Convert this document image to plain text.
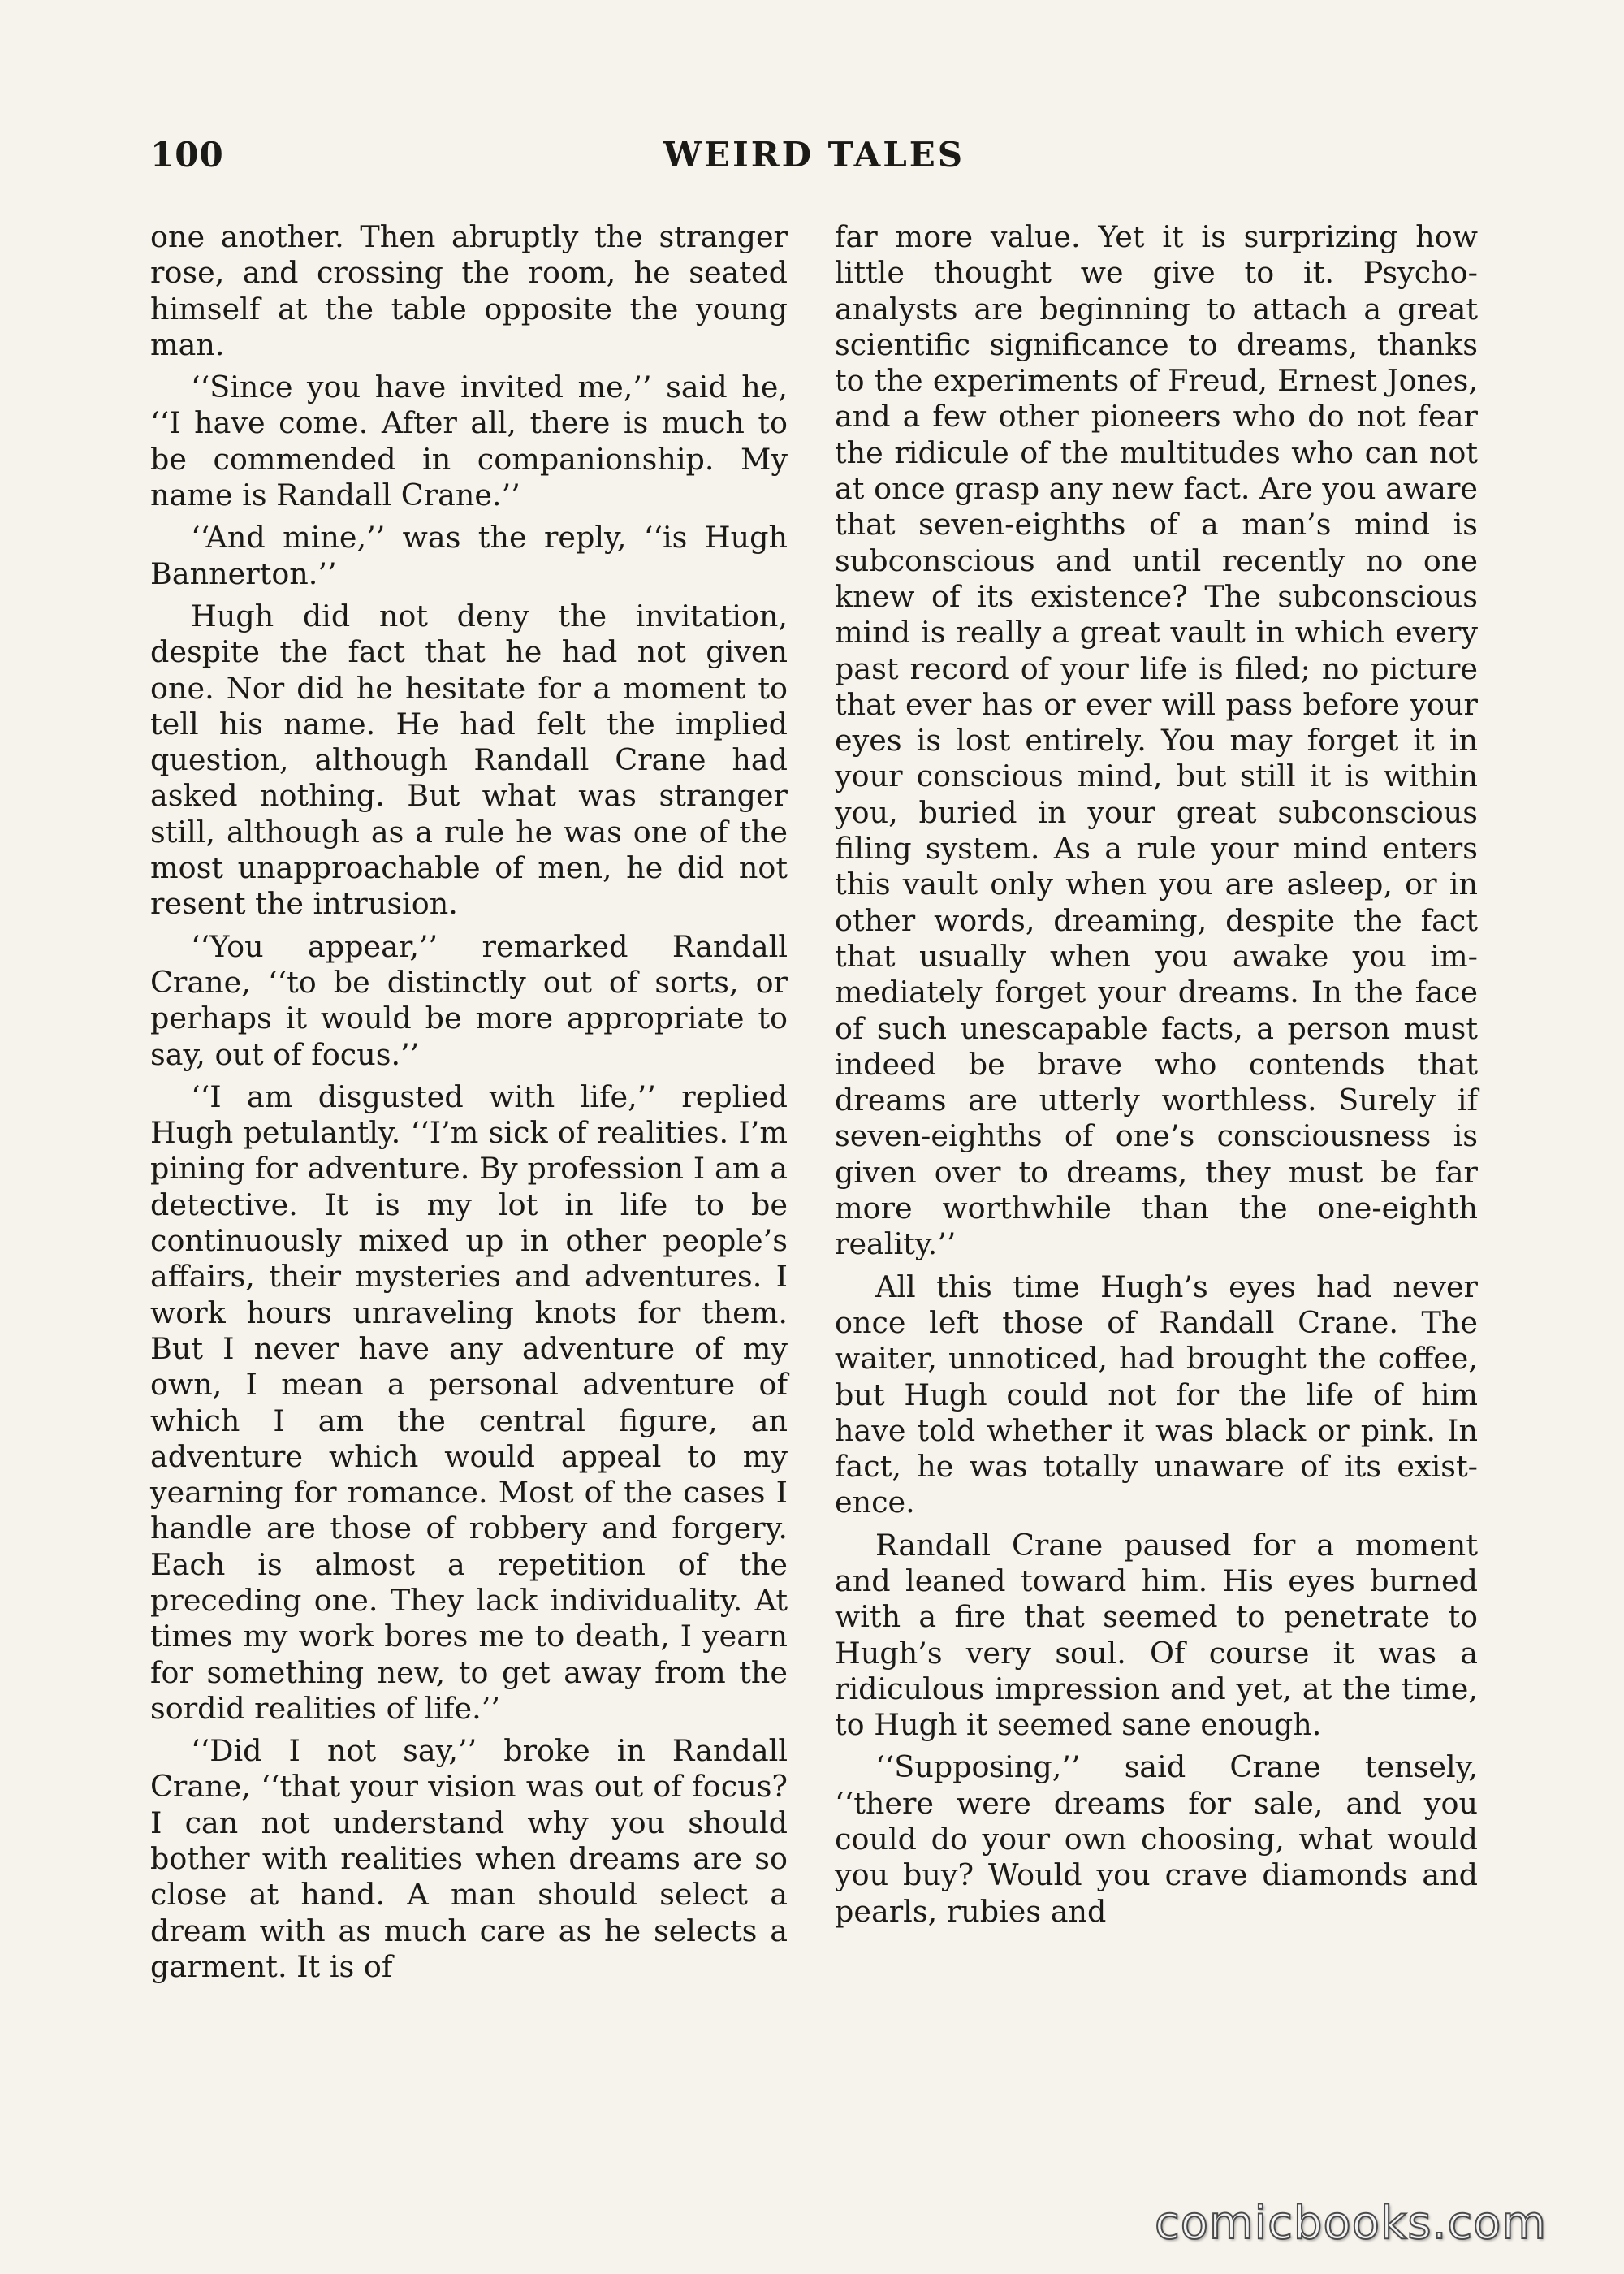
100	WEIRD TALES

one another. Then abruptly the stranger rose, and crossing the room, he seated himself at the table opposite the young man.

‘‘Since you have invited me,’’ said he, ‘‘I have come. After all, there is much to be commended in companionship. My name is Randall Crane.’’

‘‘And mine,’’ was the reply, ‘‘is Hugh Bannerton.’’

Hugh did not deny the invitation, despite the fact that he had not given one. Nor did he hesitate for a moment to tell his name. He had felt the implied question, although Randall Crane had asked nothing. But what was stranger still, although as a rule he was one of the most unapproachable of men, he did not resent the intrusion.

‘‘You appear,’’ remarked Randall Crane, ‘‘to be distinctly out of sorts, or perhaps it would be more appropriate to say, out of focus.’’

‘‘I am disgusted with life,’’ replied Hugh petulantly. ‘‘I’m sick of realities. I’m pining for adventure. By profession I am a detective. It is my lot in life to be continuously mixed up in other people’s affairs, their mysteries and adventures. I work hours unraveling knots for them. But I never have any adventure of my own, I mean a personal adventure of which I am the central figure, an adventure which would appeal to my yearning for romance. Most of the cases I handle are those of robbery and forgery. Each is almost a repetition of the preceding one. They lack individuality. At times my work bores me to death, I yearn for something new, to get away from the sordid realities of life.’’

‘‘Did I not say,’’ broke in Randall Crane, ‘‘that your vision was out of focus? I can not understand why you should bother with realities when dreams are so close at hand. A man should select a dream with as much care as he selects a garment. It is of

far more value. Yet it is surprizing how little thought we give to it. Psycho-analysts are beginning to attach a great scientific significance to dreams, thanks to the experiments of Freud, Ernest Jones, and a few other pioneers who do not fear the ridicule of the multitudes who can not at once grasp any new fact. Are you aware that seven-eighths of a man’s mind is subconscious and until recently no one knew of its existence? The subconscious mind is really a great vault in which every past record of your life is filed; no picture that ever has or ever will pass before your eyes is lost entirely. You may forget it in your conscious mind, but still it is within you, buried in your great subconscious filing system. As a rule your mind enters this vault only when you are asleep, or in other words, dreaming, despite the fact that usually when you awake you immediately forget your dreams. In the face of such unescapable facts, a person must indeed be brave who contends that dreams are utterly worthless. Surely if seven-eighths of one’s consciousness is given over to dreams, they must be far more worthwhile than the one-eighth reality.’’

All this time Hugh’s eyes had never once left those of Randall Crane. The waiter, unnoticed, had brought the coffee, but Hugh could not for the life of him have told whether it was black or pink. In fact, he was totally unaware of its existence.

Randall Crane paused for a moment and leaned toward him. His eyes burned with a fire that seemed to penetrate to Hugh’s very soul. Of course it was a ridiculous impression and yet, at the time, to Hugh it seemed sane enough.

‘‘Supposing,’’ said Crane tensely, ‘‘there were dreams for sale, and you could do your own choosing, what would you buy? Would you crave diamonds and pearls, rubies and

comicbooks.com
